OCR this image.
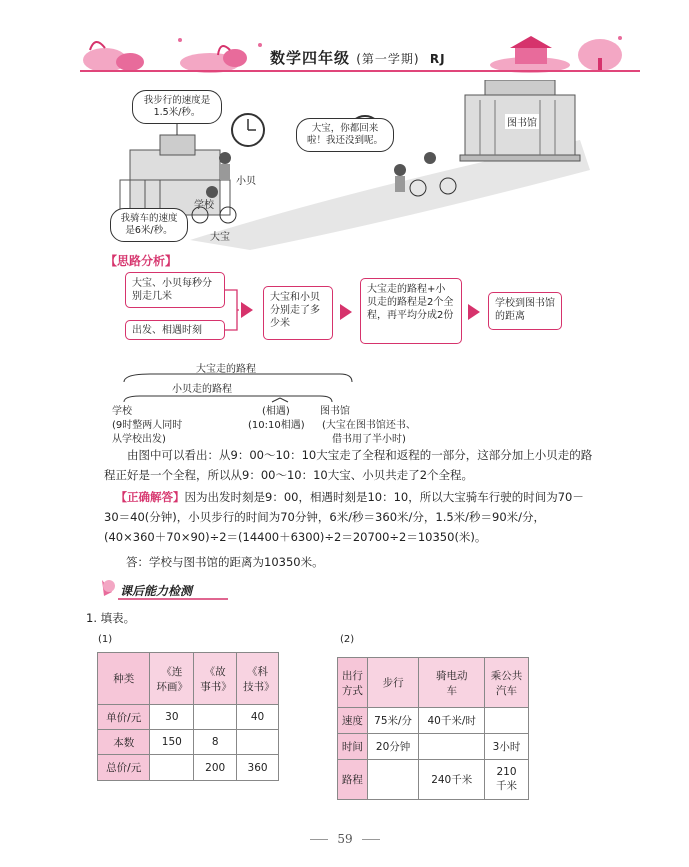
数学四年级 (第一学期) RJ
我步行的速度是1.5米/秒。
我骑车的速度是6米/秒。
大宝，你都回来啦！我还没到呢。
学校
小贝
大宝
图书馆
【思路分析】
大宝、小贝每秒分别走几米
出发、相遇时刻
大宝和小贝分别走了多少米
大宝走的路程+小贝走的路程是2个全程，再平均分成2份
学校到图书馆的距离
大宝走的路程
小贝走的路程
学校
(9时整两人同时
从学校出发)
(相遇)
(10:10相遇)
图书馆
(大宝在图书馆还书、
借书用了半小时)
由图中可以看出：从9：00～10：10大宝走了全程和返程的一部分，这部分加上小贝走的路程正好是一个全程，所以从9：00～10：10大宝、小贝共走了2个全程。
【正确解答】因为出发时刻是9：00，相遇时刻是10：10，所以大宝骑车行驶的时间为70－30＝40(分钟)，小贝步行的时间为70分钟，6米/秒＝360米/分，1.5米/秒＝90米/分，(40×360＋70×90)÷2＝(14400＋6300)÷2＝20700÷2＝10350(米)。
答：学校与图书馆的距离为10350米。
课后能力检测
1. 填表。
(1)	(2)
种类	《连环画》	《故事书》	《科技书》
单价/元	30		40
本数	150	8	
总价/元		200	360
出行方式	步行	骑电动车	乘公共汽车
速度	75米/分	40千米/时	
时间	20分钟		3小时
路程		240千米	210千米
59
